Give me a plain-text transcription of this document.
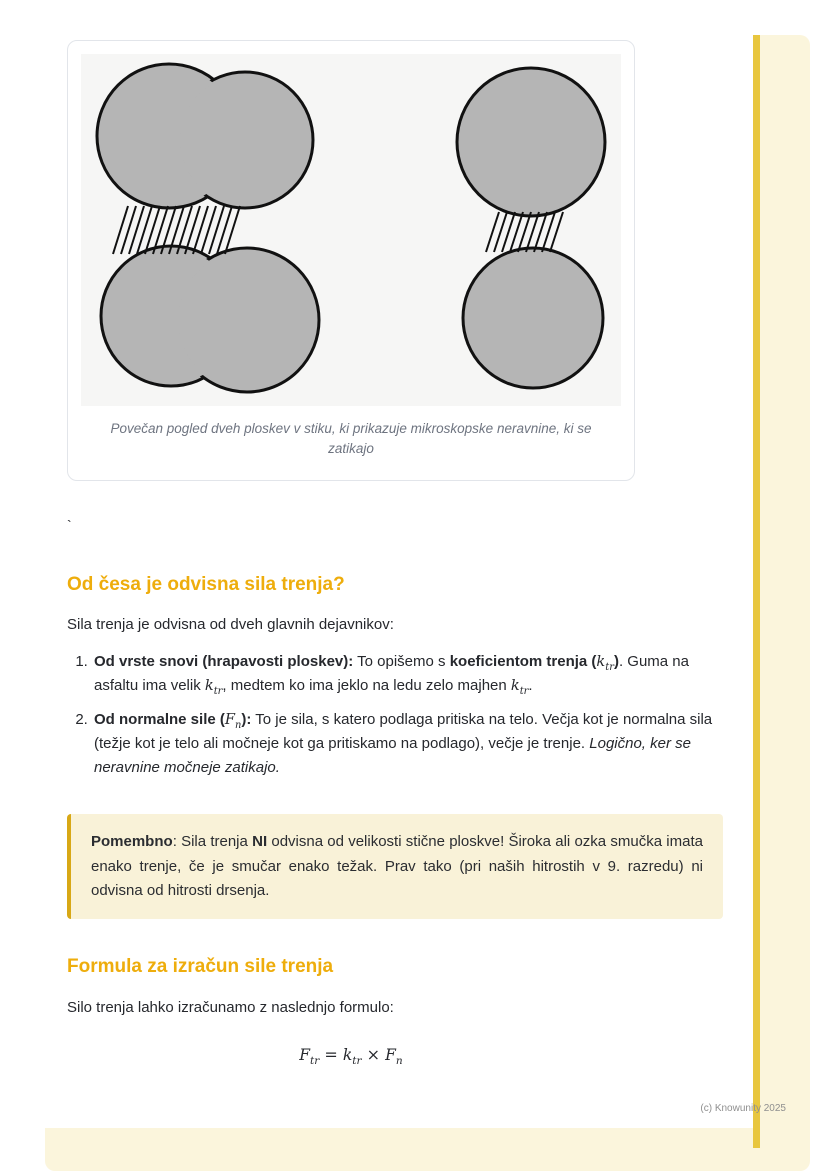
Povečan pogled dveh ploskev v stiku, ki prikazuje mikroskopske neravnine, ki se zatikajo
`
Od česa je odvisna sila trenja?

Sila trenja je odvisna od dveh glavnih dejavnikov:

1. Od vrste snovi (hrapavosti ploskev): To opišemo s koeficientom trenja $(k_{tr})$. Guma na asfaltu ima velik $k_{tr}$, medtem ko ima jeklo na ledu zelo majhen $k_{tr}$.
2. Od normalne sile $(F_n)$: To je sila, s katero podlaga pritiska na telo. Večja kot je normalna sila (težje kot je telo ali močneje kot ga pritiskamo na podlago), večje je trenje. Logično, ker se neravnine močneje zatikajo.

Pomembno: Sila trenja NI odvisna od velikosti stične ploskve! Široka ali ozka smučka imata enako trenje, če je smučar enako težak. Prav tako (pri naših hitrostih v 9. razredu) ni odvisna od hitrosti drsenja.

Formula za izračun sile trenja

Silo trenja lahko izračunamo z naslednjo formulo:

$F_{tr} = k_{tr} \times F_n$
(c) Knowunity 2025
